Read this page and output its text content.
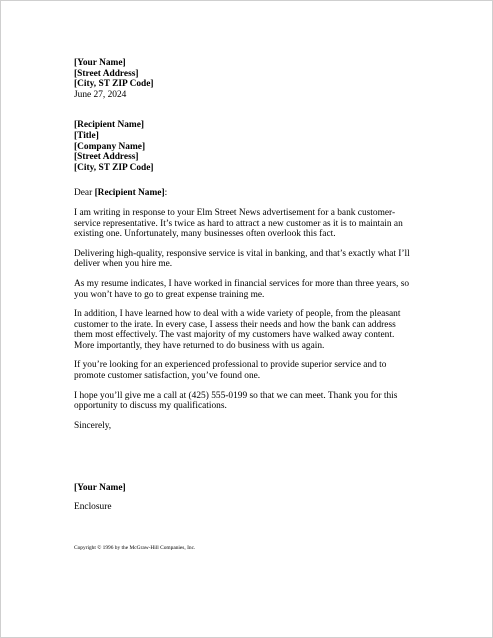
[Your Name]
[Street Address]
[City, ST ZIP Code]
June 27, 2024
[Recipient Name]
[Title]
[Company Name]
[Street Address]
[City, ST ZIP Code]
Dear [Recipient Name]:
I am writing in response to your Elm Street News advertisement for a bank customer-
service representative. It’s twice as hard to attract a new customer as it is to maintain an
existing one. Unfortunately, many businesses often overlook this fact.
Delivering high-quality, responsive service is vital in banking, and that’s exactly what I’ll
deliver when you hire me.
As my resume indicates, I have worked in financial services for more than three years, so
you won’t have to go to great expense training me.
In addition, I have learned how to deal with a wide variety of people, from the pleasant
customer to the irate. In every case, I assess their needs and how the bank can address
them most effectively. The vast majority of my customers have walked away content.
More importantly, they have returned to do business with us again.
If you’re looking for an experienced professional to provide superior service and to
promote customer satisfaction, you’ve found one.
I hope you’ll give me a call at (425) 555-0199 so that we can meet. Thank you for this
opportunity to discuss my qualifications.
Sincerely,
[Your Name]
Enclosure
Copyright © 1996 by the McGraw-Hill Companies, Inc.
